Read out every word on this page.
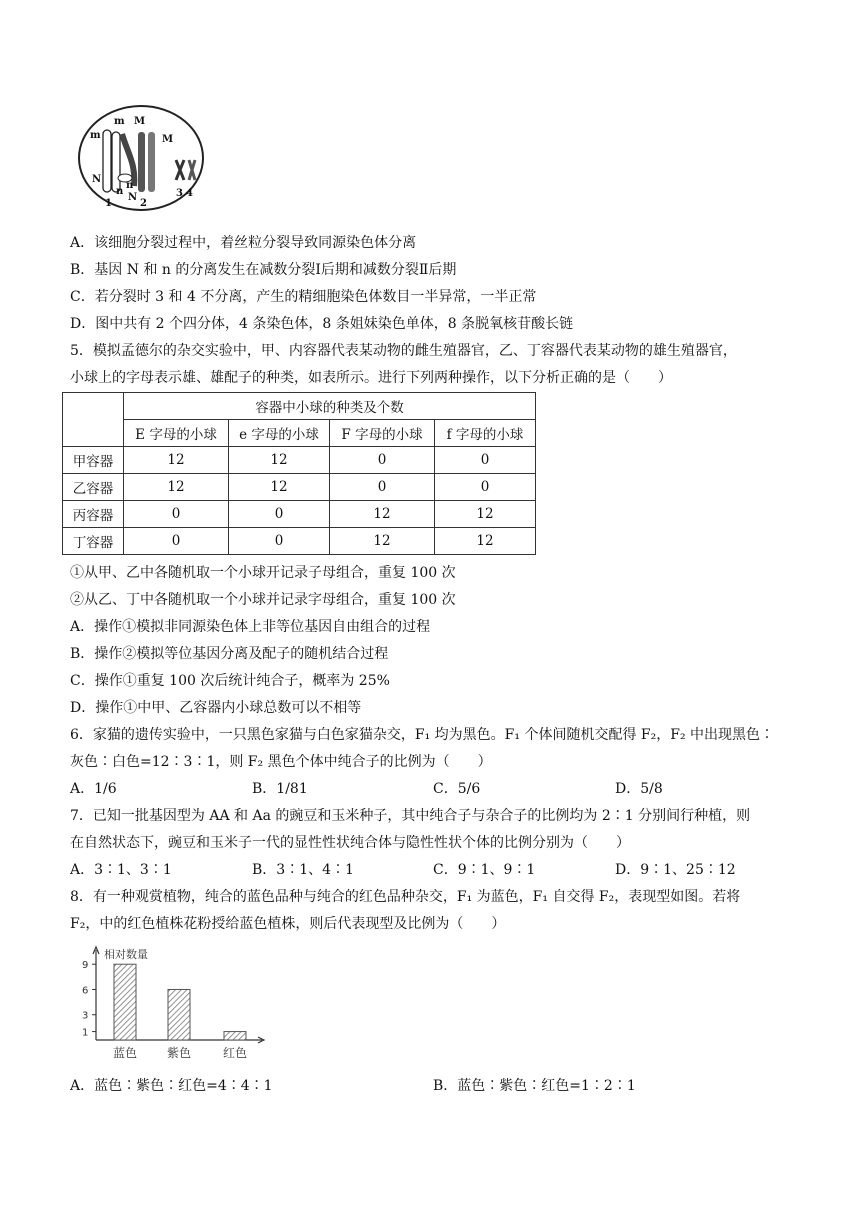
m
m M
M
N
n
n
N
1	2
3 4
A．该细胞分裂过程中，着丝粒分裂导致同源染色体分离
B．基因 N 和 n 的分离发生在减数分裂Ⅰ后期和减数分裂Ⅱ后期
C．若分裂时 3 和 4 不分离，产生的精细胞染色体数目一半异常，一半正常
D．图中共有 2 个四分体，4 条染色体，8 条姐妹染色单体，8 条脱氧核苷酸长链
5．模拟孟德尔的杂交实验中，甲、内容器代表某动物的雌生殖器官，乙、丁容器代表某动物的雄生殖器官，
小球上的字母表示雄、雄配子的种类，如表所示。进行下列两种操作，以下分析正确的是（　　）
	容器中小球的种类及个数			
	E 字母的小球	e 字母的小球	F 字母的小球	f 字母的小球
甲容器	12	12	0	0
乙容器	12	12	0	0
丙容器	0	0	12	12
丁容器	0	0	12	12
①从甲、乙中各随机取一个小球开记录子母组合，重复 100 次
②从乙、丁中各随机取一个小球并记录字母组合，重复 100 次
A．操作①模拟非同源染色体上非等位基因自由组合的过程
B．操作②模拟等位基因分离及配子的随机结合过程
C．操作①重复 100 次后统计纯合子，概率为 25%
D．操作①中甲、乙容器内小球总数可以不相等
6．家猫的遗传实验中，一只黑色家猫与白色家猫杂交，F₁ 均为黑色。F₁ 个体间随机交配得 F₂，F₂ 中出现黑色∶
灰色∶白色=12∶3∶1，则 F₂ 黑色个体中纯合子的比例为（　　）
A．1/6	B．1/81	C．5/6	D．5/8
7．已知一批基因型为 AA 和 Aa 的豌豆和玉米种子，其中纯合子与杂合子的比例均为 2∶1 分别间行种植，则
在自然状态下，豌豆和玉米子一代的显性性状纯合体与隐性性状个体的比例分别为（　　）
A．3∶1、3∶1	B．3∶1、4∶1	C．9∶1、9∶1	D．9∶1、25∶12
8．有一种观赏植物，纯合的蓝色品种与纯合的红色品种杂交，F₁ 为蓝色，F₁ 自交得 F₂，表现型如图。若将
F₂，中的红色植株花粉授给蓝色植株，则后代表现型及比例为（　　）
相对数量
1
3
6
9
蓝色 紫色	红色
A．蓝色∶紫色∶红色=4∶4∶1	B．蓝色∶紫色∶红色=1∶2∶1
